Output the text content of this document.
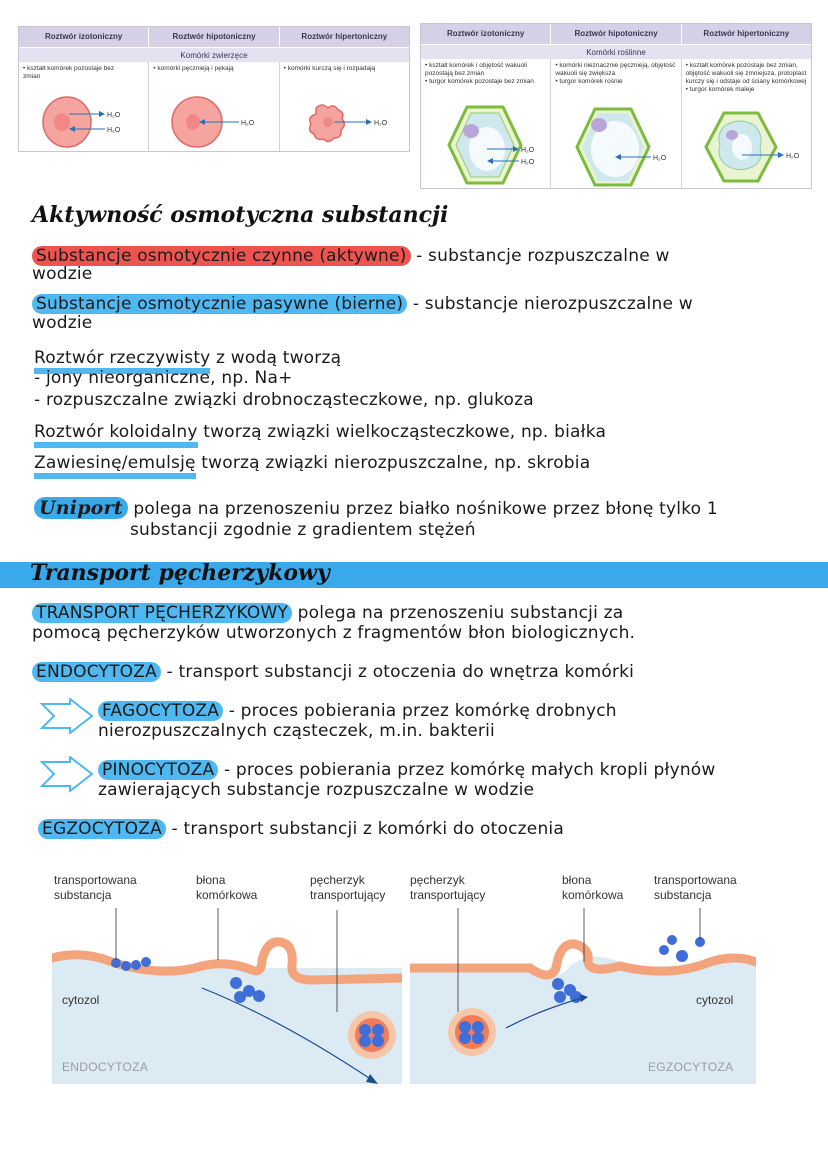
Roztwór izotoniczny	Roztwór hipotoniczny	Roztwór hipertoniczny
Komórki zwierzęce
• kształt komórek pozostaje bez zmian
H₂O
H₂O
• komórki pęcznieją i pękają
H₂O
• komórki kurczą się i rozpadają
H₂O
Roztwór izotoniczny	Roztwór hipotoniczny	Roztwór hipertoniczny
Komórki roślinne
• kształt komórek i objętość wakuoli pozostają bez zmian
• turgor komórek pozostaje bez zmian
H₂O
H₂O
• komórki nieznacznie pęcznieją, objętość wakuoli się zwiększa
• turgor komórek rośnie
H₂O
• kształt komórek pozostaje bez zmian, objętość wakuoli się zmniejsza, protoplast kurczy się i odstaje od ściany komórkowej
• turgor komórek maleje
H₂O
Aktywność osmotyczna substancji
Substancje osmotycznie czynne (aktywne) - substancje rozpuszczalne w
wodzie
Substancje osmotycznie pasywne (bierne) - substancje nierozpuszczalne w
wodzie
Roztwór rzeczywisty z wodą tworzą
- jony nieorganiczne, np. Na+
- rozpuszczalne związki drobnocząsteczkowe, np. glukoza
Roztwór koloidalny tworzą związki wielkocząsteczkowe, np. białka
Zawiesinę/emulsję tworzą związki nierozpuszczalne, np. skrobia
Uniport polega na przenoszeniu przez białko nośnikowe przez błonę tylko 1
substancji zgodnie z gradientem stężeń
Transport pęcherzykowy
TRANSPORT PĘCHERZYKOWY polega na przenoszeniu substancji za
pomocą pęcherzyków utworzonych z fragmentów błon biologicznych.
ENDOCYTOZA - transport substancji z otoczenia do wnętrza komórki
FAGOCYTOZA - proces pobierania przez komórkę drobnych
nierozpuszczalnych cząsteczek, m.in. bakterii
PINOCYTOZA - proces pobierania przez komórkę małych kropli płynów
zawierających substancje rozpuszczalne w wodzie
EGZOCYTOZA - transport substancji z komórki do otoczenia
transportowana
substancja
błona
komórkowa
pęcherzyk
transportujący
cytozol
ENDOCYTOZA
pęcherzyk
transportujący
błona
komórkowa
transportowana
substancja
cytozol
EGZOCYTOZA
